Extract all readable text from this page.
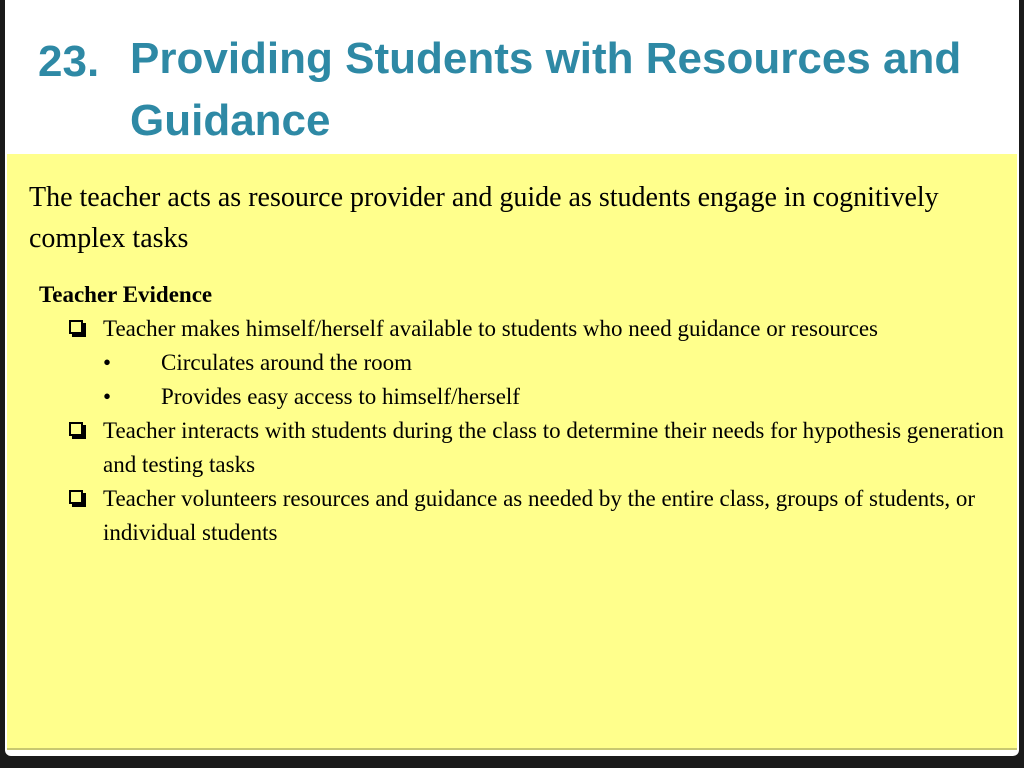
23. Providing Students with Resources and Guidance

The teacher acts as resource provider and guide as students engage in cognitively complex tasks

Teacher Evidence
Teacher makes himself/herself available to students who need guidance or resources
•	Circulates around the room
•	Provides easy access to himself/herself
Teacher interacts with students during the class to determine their needs for hypothesis generation and testing tasks
Teacher volunteers resources and guidance as needed by the entire class, groups of students, or individual students
